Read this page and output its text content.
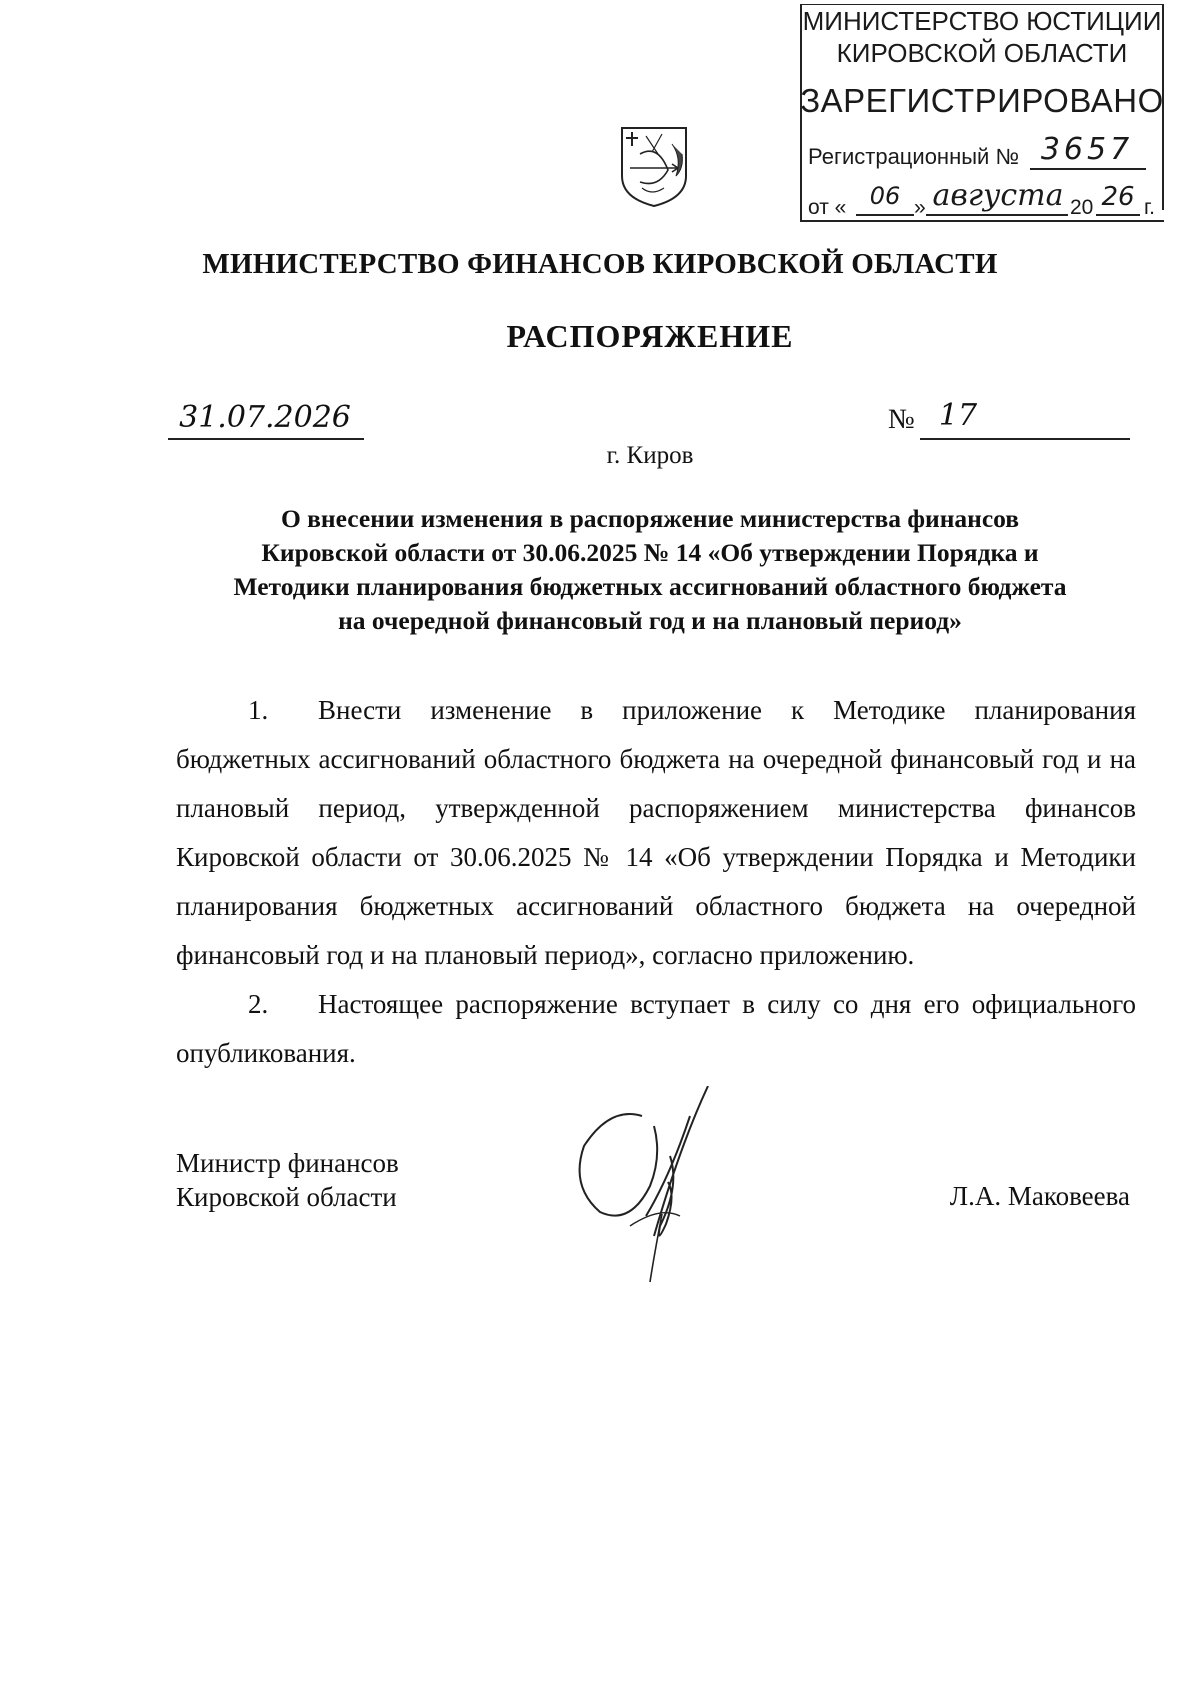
МИНИСТЕРСТВО ЮСТИЦИИ
КИРОВСКОЙ ОБЛАСТИ
ЗАРЕГИСТРИРОВАНО
Регистрационный № 3657
от « 06 » августа 20 26 г.
МИНИСТЕРСТВО ФИНАНСОВ КИРОВСКОЙ ОБЛАСТИ
РАСПОРЯЖЕНИЕ
31.07.2026	№ 17
г. Киров
О внесении изменения в распоряжение министерства финансов
Кировской области от 30.06.2025 № 14 «Об утверждении Порядка и
Методики планирования бюджетных ассигнований областного бюджета
на очередной финансовый год и на плановый период»

1. Внести изменение в приложение к Методике планирования бюджетных ассигнований областного бюджета на очередной финансовый год и на плановый период, утвержденной распоряжением министерства финансов Кировской области от 30.06.2025 № 14 «Об утверждении Порядка и Методики планирования бюджетных ассигнований областного бюджета на очередной финансовый год и на плановый период», согласно приложению.

2. Настоящее распоряжение вступает в силу со дня его официального опубликования.

Министр финансов
Кировской области	Л.А. Маковеева
